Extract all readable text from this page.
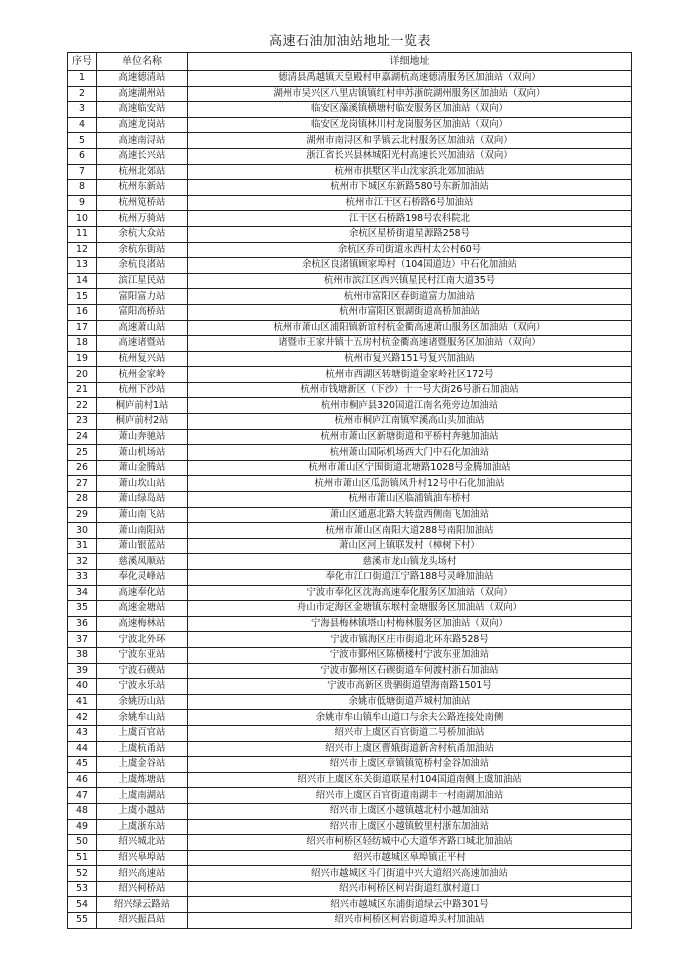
高速石油加油站地址一览表
序号	单位名称	详细地址
1	高速德清站	德清县禹越镇天皇殿村申嘉湖杭高速德清服务区加油站（双向）
2	高速湖州站	湖州市吴兴区八里店镇镇红村申苏浙皖湖州服务区加油站（双向）
3	高速临安站	临安区藻溪镇横塘村临安服务区加油站（双向）
4	高速龙岗站	临安区龙岗镇林川村龙岗服务区加油站（双向）
5	高速南浔站	湖州市南浔区和孚镇云北村服务区加油站（双向）
6	高速长兴站	浙江省长兴县林城阳光村高速长兴加油站（双向）
7	杭州北郊站	杭州市拱墅区半山沈家浜北郊加油站
8	杭州东新站	杭州市下城区东新路580号东新加油站
9	杭州笕桥站	杭州市江干区石桥路6号加油站
10	杭州万骑站	江干区石桥路198号农科院北
11	余杭大众站	余杭区星桥街道星源路258号
12	余杭东街站	余杭区乔司街道永西村太公村60号
13	余杭良渚站	余杭区良渚镇顾家埠村（104国道边）中石化加油站
14	滨江星民站	杭州市滨江区西兴镇星民村江南大道35号
15	富阳富力站	杭州市富阳区春街道富力加油站
16	富阳高桥站	杭州市富阳区银湖街道高桥加油站
17	高速萧山站	杭州市萧山区浦阳镇新谊村杭金衢高速萧山服务区加油站（双向）
18	高速诸暨站	诸暨市王家井镇十五房村杭金衢高速诸暨服务区加油站（双向）
19	杭州复兴站	杭州市复兴路151号复兴加油站
20	杭州金家岭	杭州市西湖区转塘街道金家岭社区172号
21	杭州下沙站	杭州市钱塘新区（下沙）十一号大街26号浙石加油站
22	桐庐前村1站	杭州市桐庐县320国道江南名苑旁边加油站
23	桐庐前村2站	杭州市桐庐江南镇窄溪高山头加油站
24	萧山奔驰站	杭州市萧山区新塘街道和平桥村奔驰加油站
25	萧山机场站	杭州萧山国际机场西大门中石化加油站
26	萧山金腾站	杭州市萧山区宁围街道北塘路1028号金腾加油站
27	萧山坎山站	杭州市萧山区瓜沥镇凤升村12号中石化加油站
28	萧山绿岛站	杭州市萧山区临浦镇油车桥村
29	萧山南飞站	萧山区通惠北路大转盘西侧南飞加油站
30	萧山南阳站	杭州市萧山区南阳大道288号南阳加油站
31	萧山银蓝站	萧山区河上镇联发村（樟树下村）
32	慈溪凤顺站	慈溪市龙山镇龙头场村
33	奉化灵峰站	奉化市江口街道江宁路188号灵峰加油站
34	高速奉化站	宁波市奉化区沈海高速奉化服务区加油站（双向）
35	高速金塘站	舟山市定海区金塘镇东堠村金塘服务区加油站（双向）
36	高速梅林站	宁海县梅林镇塔山村梅林服务区加油站（双向）
37	宁波北外环	宁波市镇海区庄市街道北环东路528号
38	宁波东亚站	宁波市鄞州区陈横楼村宁波东亚加油站
39	宁波石碶站	宁波市鄞州区石碶街道车何渡村浙石加油站
40	宁波永乐站	宁波市高新区贵驷街道望海南路1501号
41	余姚历山站	余姚市低塘街道芦城村加油站
42	余姚牟山站	余姚市牟山镇牟山道口与余夫公路连接处南侧
43	上虞百官站	绍兴市上虞区百官街道二号桥加油站
44	上虞杭甬站	绍兴市上虞区曹娥街道新舍村杭甬加油站
45	上虞金谷站	绍兴市上虞区章镇镇笕桥村金谷加油站
46	上虞炼塘站	绍兴市上虞区东关街道联星村104国道南侧上虞加油站
47	上虞南湖站	绍兴市上虞区百官街道南湖丰一村南湖加油站
48	上虞小越站	绍兴市上虞区小越镇越北村小越加油站
49	上虞浙东站	绍兴市上虞区小越镇鮫里村浙东加油站
50	绍兴城北站	绍兴市柯桥区轻纺城中心大道华齐路口城北加油站
51	绍兴皋埠站	绍兴市越城区皋埠镇正平村
52	绍兴高速站	绍兴市越城区斗门街道中兴大道绍兴高速加油站
53	绍兴柯桥站	绍兴市柯桥区柯岩街道红旗村道口
54	绍兴绿云路站	绍兴市越城区东浦街道绿云中路301号
55	绍兴振昌站	绍兴市柯桥区柯岩街道埠头村加油站
